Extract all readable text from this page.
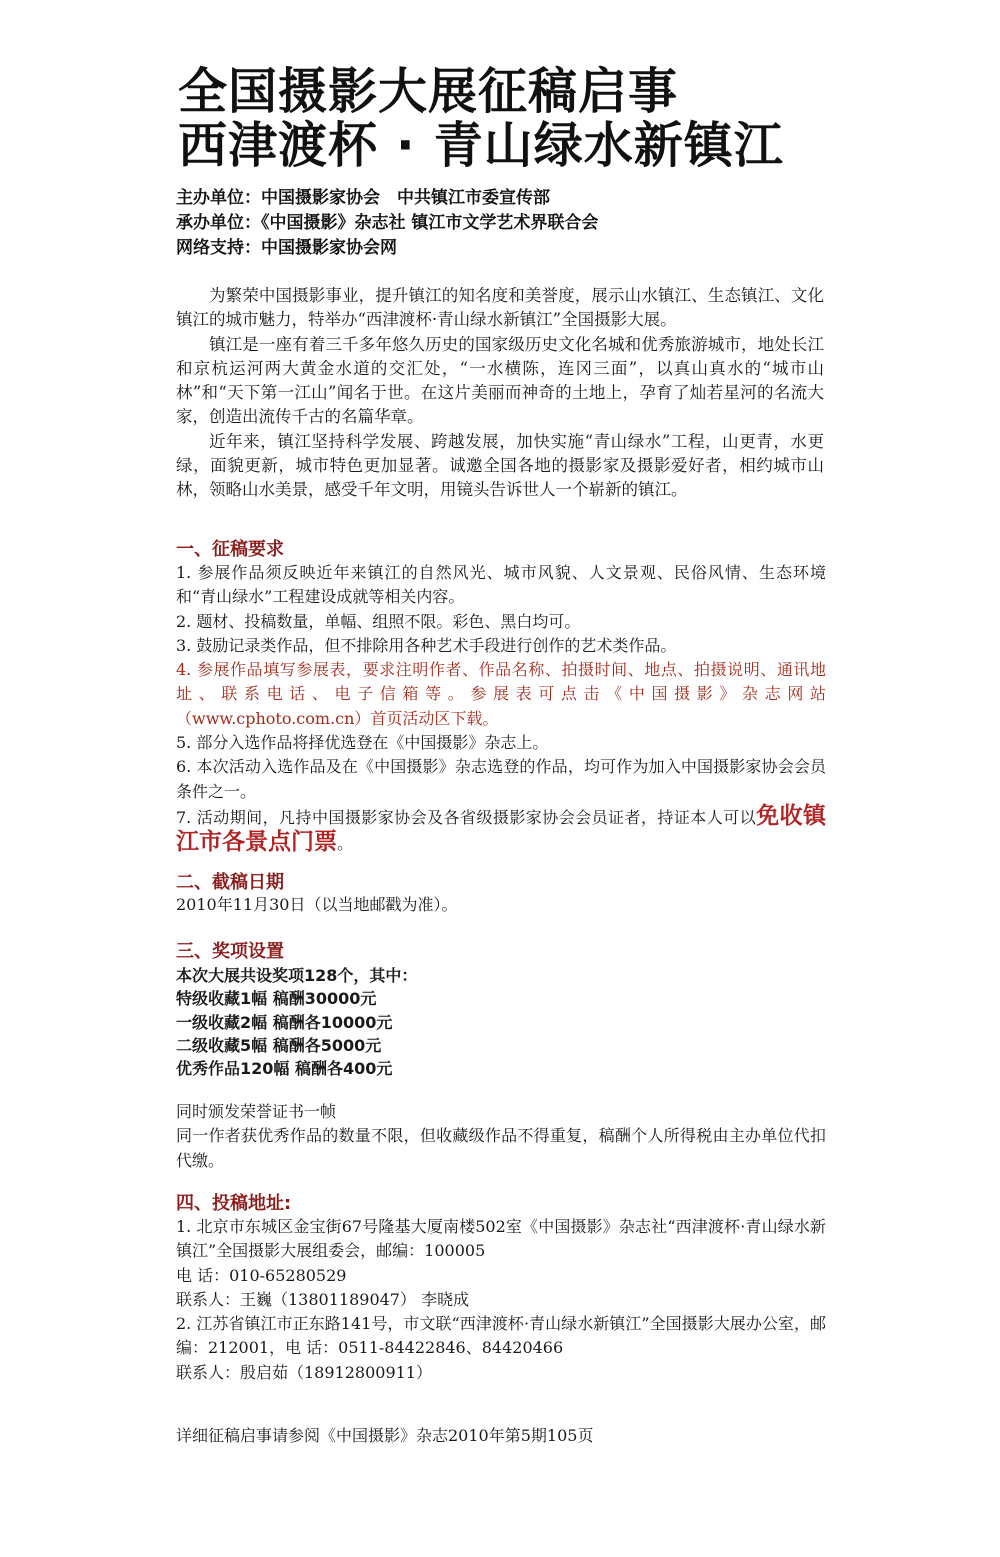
全国摄影大展征稿启事
西津渡杯 · 青山绿水新镇江
主办单位：中国摄影家协会　中共镇江市委宣传部
承办单位：《中国摄影》杂志社 镇江市文学艺术界联合会
网络支持：中国摄影家协会网

为繁荣中国摄影事业，提升镇江的知名度和美誉度，展示山水镇江、生态镇江、文化镇江的城市魅力，特举办“西津渡杯·青山绿水新镇江”全国摄影大展。

镇江是一座有着三千多年悠久历史的国家级历史文化名城和优秀旅游城市，地处长江和京杭运河两大黄金水道的交汇处，“一水横陈，连冈三面”，以真山真水的“城市山林”和“天下第一江山”闻名于世。在这片美丽而神奇的土地上，孕育了灿若星河的名流大家，创造出流传千古的名篇华章。

近年来，镇江坚持科学发展、跨越发展，加快实施“青山绿水”工程，山更青，水更绿，面貌更新，城市特色更加显著。诚邀全国各地的摄影家及摄影爱好者，相约城市山林，领略山水美景，感受千年文明，用镜头告诉世人一个崭新的镇江。

一、征稿要求

1. 参展作品须反映近年来镇江的自然风光、城市风貌、人文景观、民俗风情、生态环境和“青山绿水”工程建设成就等相关内容。

2. 题材、投稿数量，单幅、组照不限。彩色、黑白均可。

3. 鼓励记录类作品，但不排除用各种艺术手段进行创作的艺术类作品。

4. 参展作品填写参展表，要求注明作者、作品名称、拍摄时间、地点、拍摄说明、通讯地址、联系电话、电子信箱等。参展表可点击《中国摄影》杂志网站（www.cphoto.com.cn）首页活动区下载。

5. 部分入选作品将择优选登在《中国摄影》杂志上。

6. 本次活动入选作品及在《中国摄影》杂志选登的作品，均可作为加入中国摄影家协会会员条件之一。

7. 活动期间，凡持中国摄影家协会及各省级摄影家协会会员证者，持证本人可以免收镇江市各景点门票。

二、截稿日期

2010年11月30日（以当地邮戳为准）。

三、奖项设置
本次大展共设奖项128个，其中：
特级收藏1幅 稿酬30000元
一级收藏2幅 稿酬各10000元
二级收藏5幅 稿酬各5000元
优秀作品120幅 稿酬各400元

同时颁发荣誉证书一帧

同一作者获优秀作品的数量不限，但收藏级作品不得重复，稿酬个人所得税由主办单位代扣代缴。

四、投稿地址:

1. 北京市东城区金宝街67号隆基大厦南楼502室《中国摄影》杂志社“西津渡杯·青山绿水新镇江”全国摄影大展组委会，邮编：100005

电 话：010-65280529

联系人：王巍（13801189047） 李晓成

2. 江苏省镇江市正东路141号，市文联“西津渡杯·青山绿水新镇江”全国摄影大展办公室，邮编：212001，电 话：0511-84422846、84420466

联系人：殷启茹（18912800911）

详细征稿启事请参阅《中国摄影》杂志2010年第5期105页
